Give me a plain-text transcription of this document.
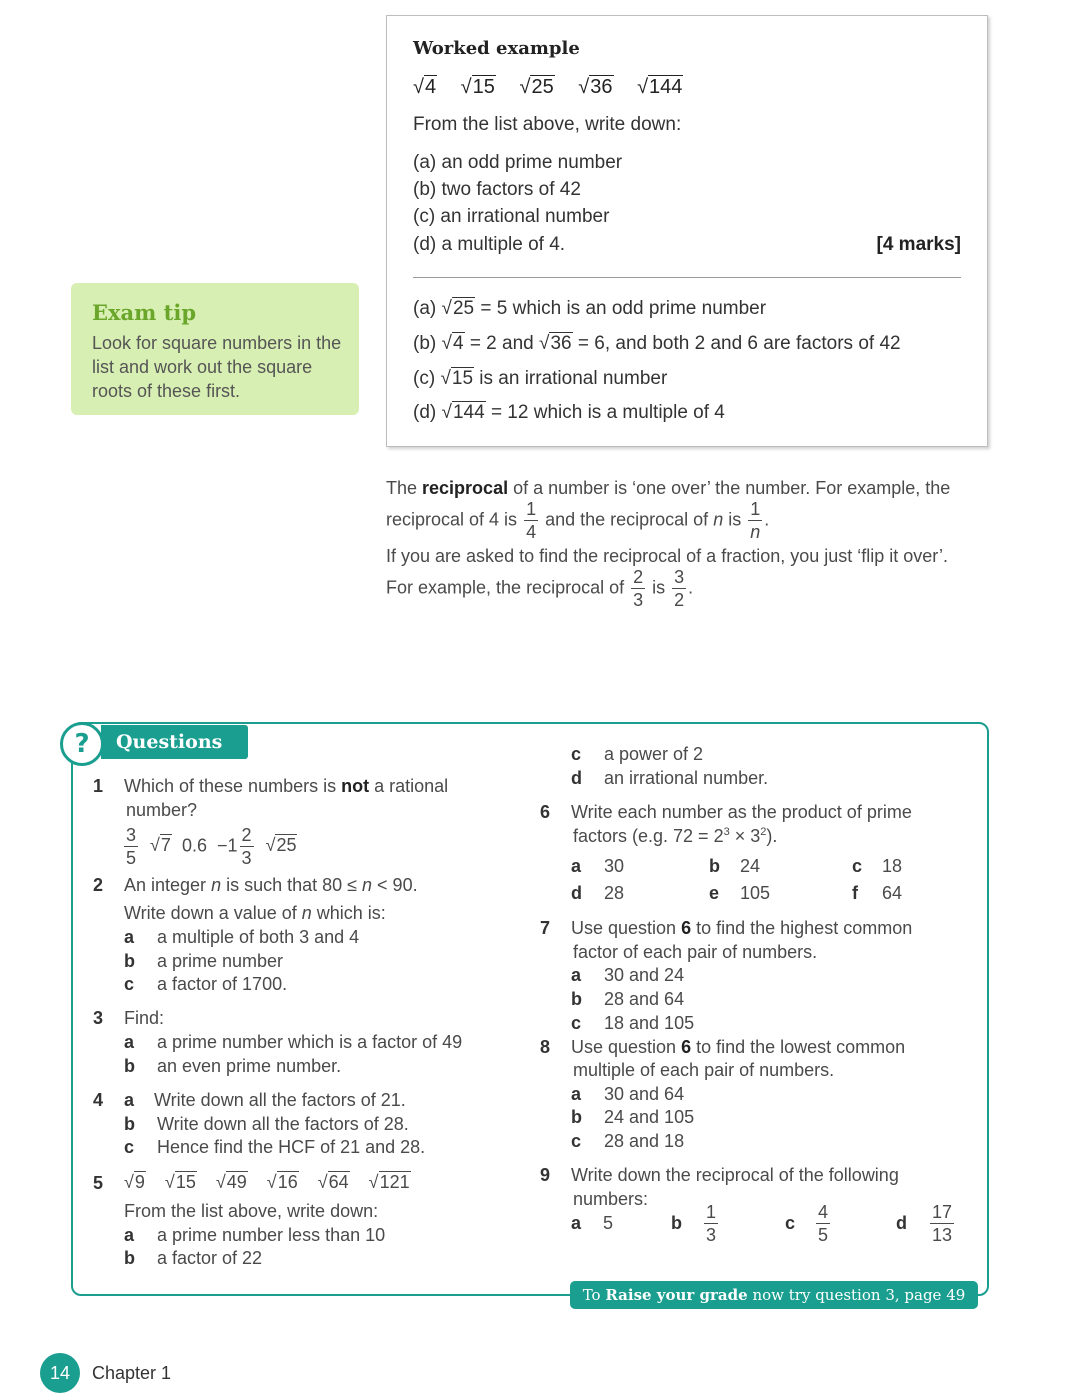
Worked example
√4 √15 √25 √36 √144
From the list above, write down:
(a) an odd prime number
(b) two factors of 42
(c) an irrational number
(d) a multiple of 4.	[4 marks]
(a) √25 = 5 which is an odd prime number
(b) √4 = 2 and √36 = 6, and both 2 and 6 are factors of 42
(c) √15 is an irrational number
(d) √144 = 12 which is a multiple of 4
Exam tip
Look for square numbers in the list and work out the square roots of these first.
The reciprocal of a number is ‘one over’ the number. For example, the
reciprocal of 4 is $\frac{1}{4}$ and the reciprocal of n is $\frac{1}{n}$ .
If you are asked to find the reciprocal of a fraction, you just ‘flip it over’.
For example, the reciprocal of $\frac{2}{3}$ is $\frac{3}{2}$ .
Questions
?
1 Which of these numbers is not a rational
number?
$\frac{3}{5} √7$ $0.6 -1 \frac{2}{3} √25$
2 An integer n is such that 80 ≤ n < 90.
Write down a value of n which is:
a a multiple of both 3 and 4
b a prime number
c a factor of 1700.
3 Find:
a a prime number which is a factor of 49
b an even prime number.
4 a Write down all the factors of 21.
b Write down all the factors of 28.
c Hence find the HCF of 21 and 28.
5 √9 √15 √49 √16 √64 √121
From the list above, write down:
a a prime number less than 10
b a factor of 22
c a power of 2
d an irrational number.
6 Write each number as the product of prime
factors (e.g. $72 = 2^3 \times 3^2$).
a 30	b 24	c 18
d 28	e 105	f 64
7 Use question 6 to find the highest common
factor of each pair of numbers.
a 30 and 24
b 28 and 64
c 18 and 105
8 Use question 6 to find the lowest common
multiple of each pair of numbers.
a 30 and 64
b 24 and 105
c 28 and 18
9 Write down the reciprocal of the following
numbers:
a 5	b $\frac{1}{3}$	c $\frac{4}{5}$	d $\frac{17}{13}$
To Raise your grade now try question 3, page 49
14	Chapter 1
